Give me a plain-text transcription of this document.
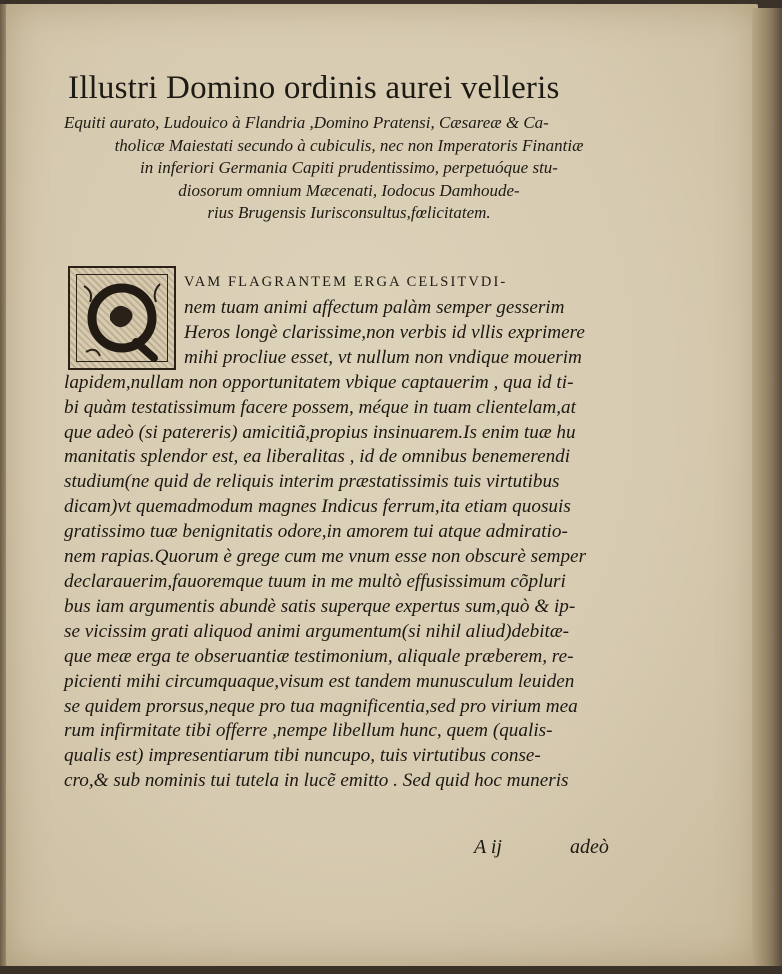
Illustri Domino ordinis aurei velleris
Equiti aurato, Ludouico à Flandria ,Domino Pratensi, Cæsareæ & Ca-
tholicæ Maiestati secundo à cubiculis, nec non Imperatoris Finantiæ
in inferiori Germania Capiti prudentissimo, perpetuóque stu-
diosorum omnium Mæcenati, Iodocus Damhoude-
rius Brugensis Iurisconsultus,fœlicitatem.
VAM FLAGRANTEM ERGA CELSITVDI-
nem tuam animi affectum palàm semper gesserim
Heros longè clarissime,non verbis id vllis exprimere
mihi procliue esset, vt nullum non vndique mouerim
lapidem,nullam non opportunitatem vbique captauerim , qua id ti-
bi quàm testatissimum facere possem, méque in tuam clientelam,at
que adeò (si patereris) amicitiã,propius insinuarem.Is enim tuæ hu
manitatis splendor est, ea liberalitas , id de omnibus benemerendi
studium(ne quid de reliquis interim præstatissimis tuis virtutibus
dicam)vt quemadmodum magnes Indicus ferrum,ita etiam quosuis
gratissimo tuæ benignitatis odore,in amorem tui atque admiratio-
nem rapias.Quorum è grege cum me vnum esse non obscurè semper
declarauerim,fauoremque tuum in me multò effusissimum cõpluri
bus iam argumentis abundè satis superque expertus sum,quò & ip-
se vicissim grati aliquod animi argumentum(si nihil aliud)debitæ-
que meæ erga te obseruantiæ testimonium, aliquale præberem, re-
picienti mihi circumquaque,visum est tandem munusculum leuiden
se quidem prorsus,neque pro tua magnificentia,sed pro virium mea
rum infirmitate tibi offerre ,nempe libellum hunc, quem (qualis-
qualis est) impresentiarum tibi nuncupo, tuis virtutibus conse-
cro,& sub nominis tui tutela in lucẽ emitto . Sed quid hoc muneris
A ij	adeò
